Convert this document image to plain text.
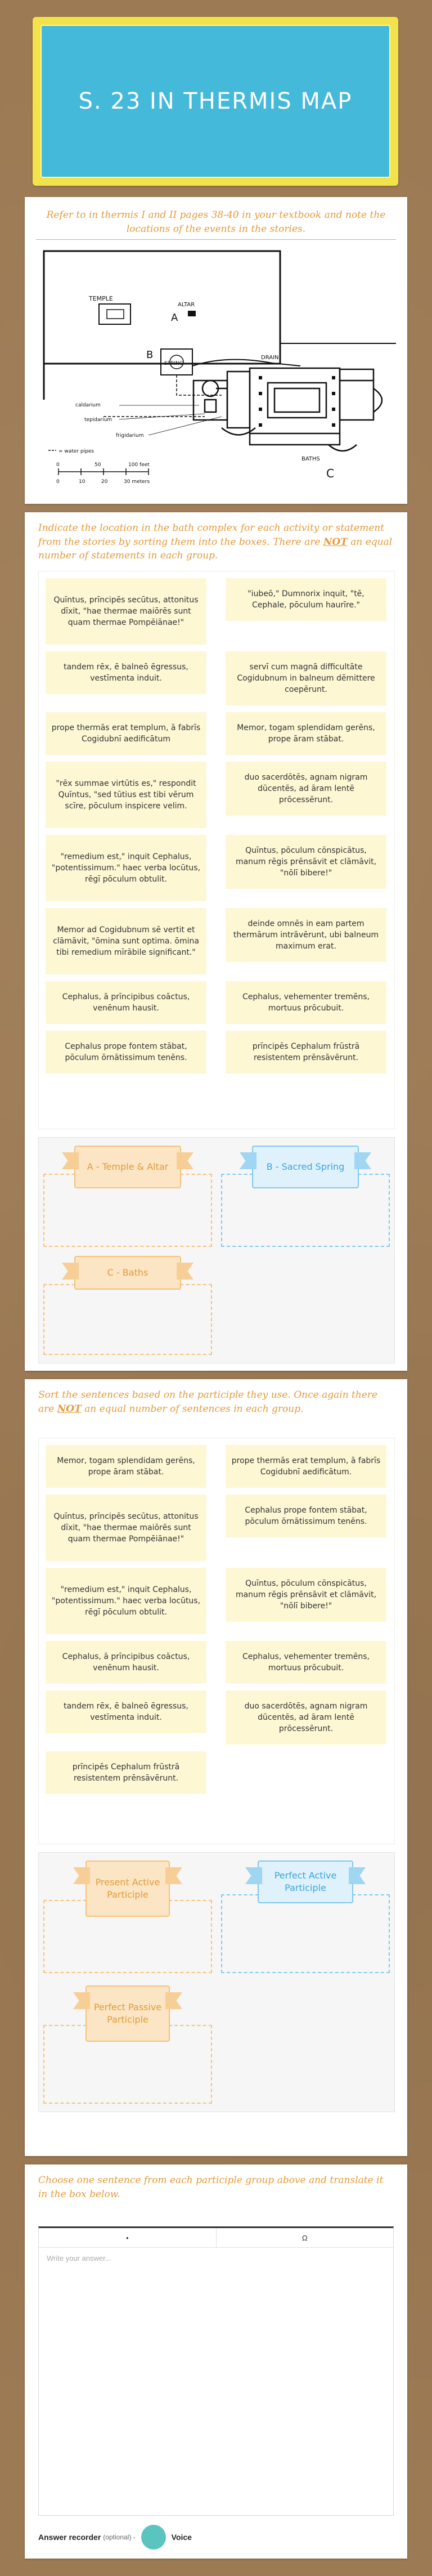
S. 23 IN THERMIS MAP
Refer to in thermis I and II pages 38-40 in your textbook and note the locations of the events in the stories.
TEMPLE
ALTAR
A
SPRING
B	DRAIN
frigidarium
tepidarium
caldarium
BATHS
C
= water pipes
0	50	100 feet
0	10	20	30 meters
Indicate the location in the bath complex for each activity or statement from the stories by sorting them into the boxes. There are NOT an equal number of statements in each group.
Quīntus, prīncipēs secūtus, attonitus dīxit, "hae thermae maiōrēs sunt quam thermae Pompēiānae!"
"iubeō," Dumnorix inquit, "tē, Cephale, pōculum haurīre."
tandem rēx, ē balneō ēgressus, vestīmenta induit.
servī cum magnā difficultāte Cogidubnum in balneum dēmittere coepērunt.
prope thermās erat templum, ā fabrīs Cogidubnī aedificātum
Memor, togam splendidam gerēns, prope āram stābat.
"rēx summae virtūtis es," respondit Quīntus, "sed tūtius est tibi vērum scīre, pōculum inspicere velim.
duo sacerdōtēs, agnam nigram dūcentēs, ad āram lentē prōcessērunt.
"remedium est," inquit Cephalus, "potentissimum." haec verba locūtus, rēgī pōculum obtulit.
Quīntus, pōculum cōnspicātus, manum rēgis prēnsāvit et clāmāvit, "nōlī bibere!"
Memor ad Cogidubnum sē vertit et clāmāvit, "ōmina sunt optima. ōmina tibi remedium mīrābile significant."
deinde omnēs in eam partem thermārum intrāvērunt, ubi balneum maximum erat.
Cephalus, ā prīncipibus coāctus, venēnum hausit.
Cephalus, vehementer tremēns, mortuus prōcubuit.
Cephalus prope fontem stābat, pōculum ōrnātissimum tenēns.
prīncipēs Cephalum frūstrā resistentem prēnsāvērunt.
A - Temple & Altar	B - Sacred Spring
C - Baths
Sort the sentences based on the participle they use. Once again there are NOT an equal number of sentences in each group.
Memor, togam splendidam gerēns, prope āram stābat.
prope thermās erat templum, ā fabrīs Cogidubnī aedificātum.
Quīntus, prīncipēs secūtus, attonitus dīxit, "hae thermae maiōrēs sunt quam thermae Pompēiānae!"
Cephalus prope fontem stābat, pōculum ōrnātissimum tenēns.
"remedium est," inquit Cephalus, "potentissimum." haec verba locūtus, rēgī pōculum obtulit.
Quīntus, pōculum cōnspicātus, manum rēgis prēnsāvit et clāmāvit, "nōlī bibere!"
Cephalus, ā prīncipibus coāctus, venēnum hausit.
Cephalus, vehementer tremēns, mortuus prōcubuit.
tandem rēx, ē balneō ēgressus, vestīmenta induit.
duo sacerdōtēs, agnam nigram dūcentēs, ad āram lentē prōcessērunt.
prīncipēs Cephalum frūstrā resistentem prēnsāvērunt.
Present Active Participle
Perfect Active Participle
Perfect Passive Participle
Choose one sentence from each participle group above and translate it in the box below.
•	Ω
Write your answer...
Answer recorder (optional) -	Voice
